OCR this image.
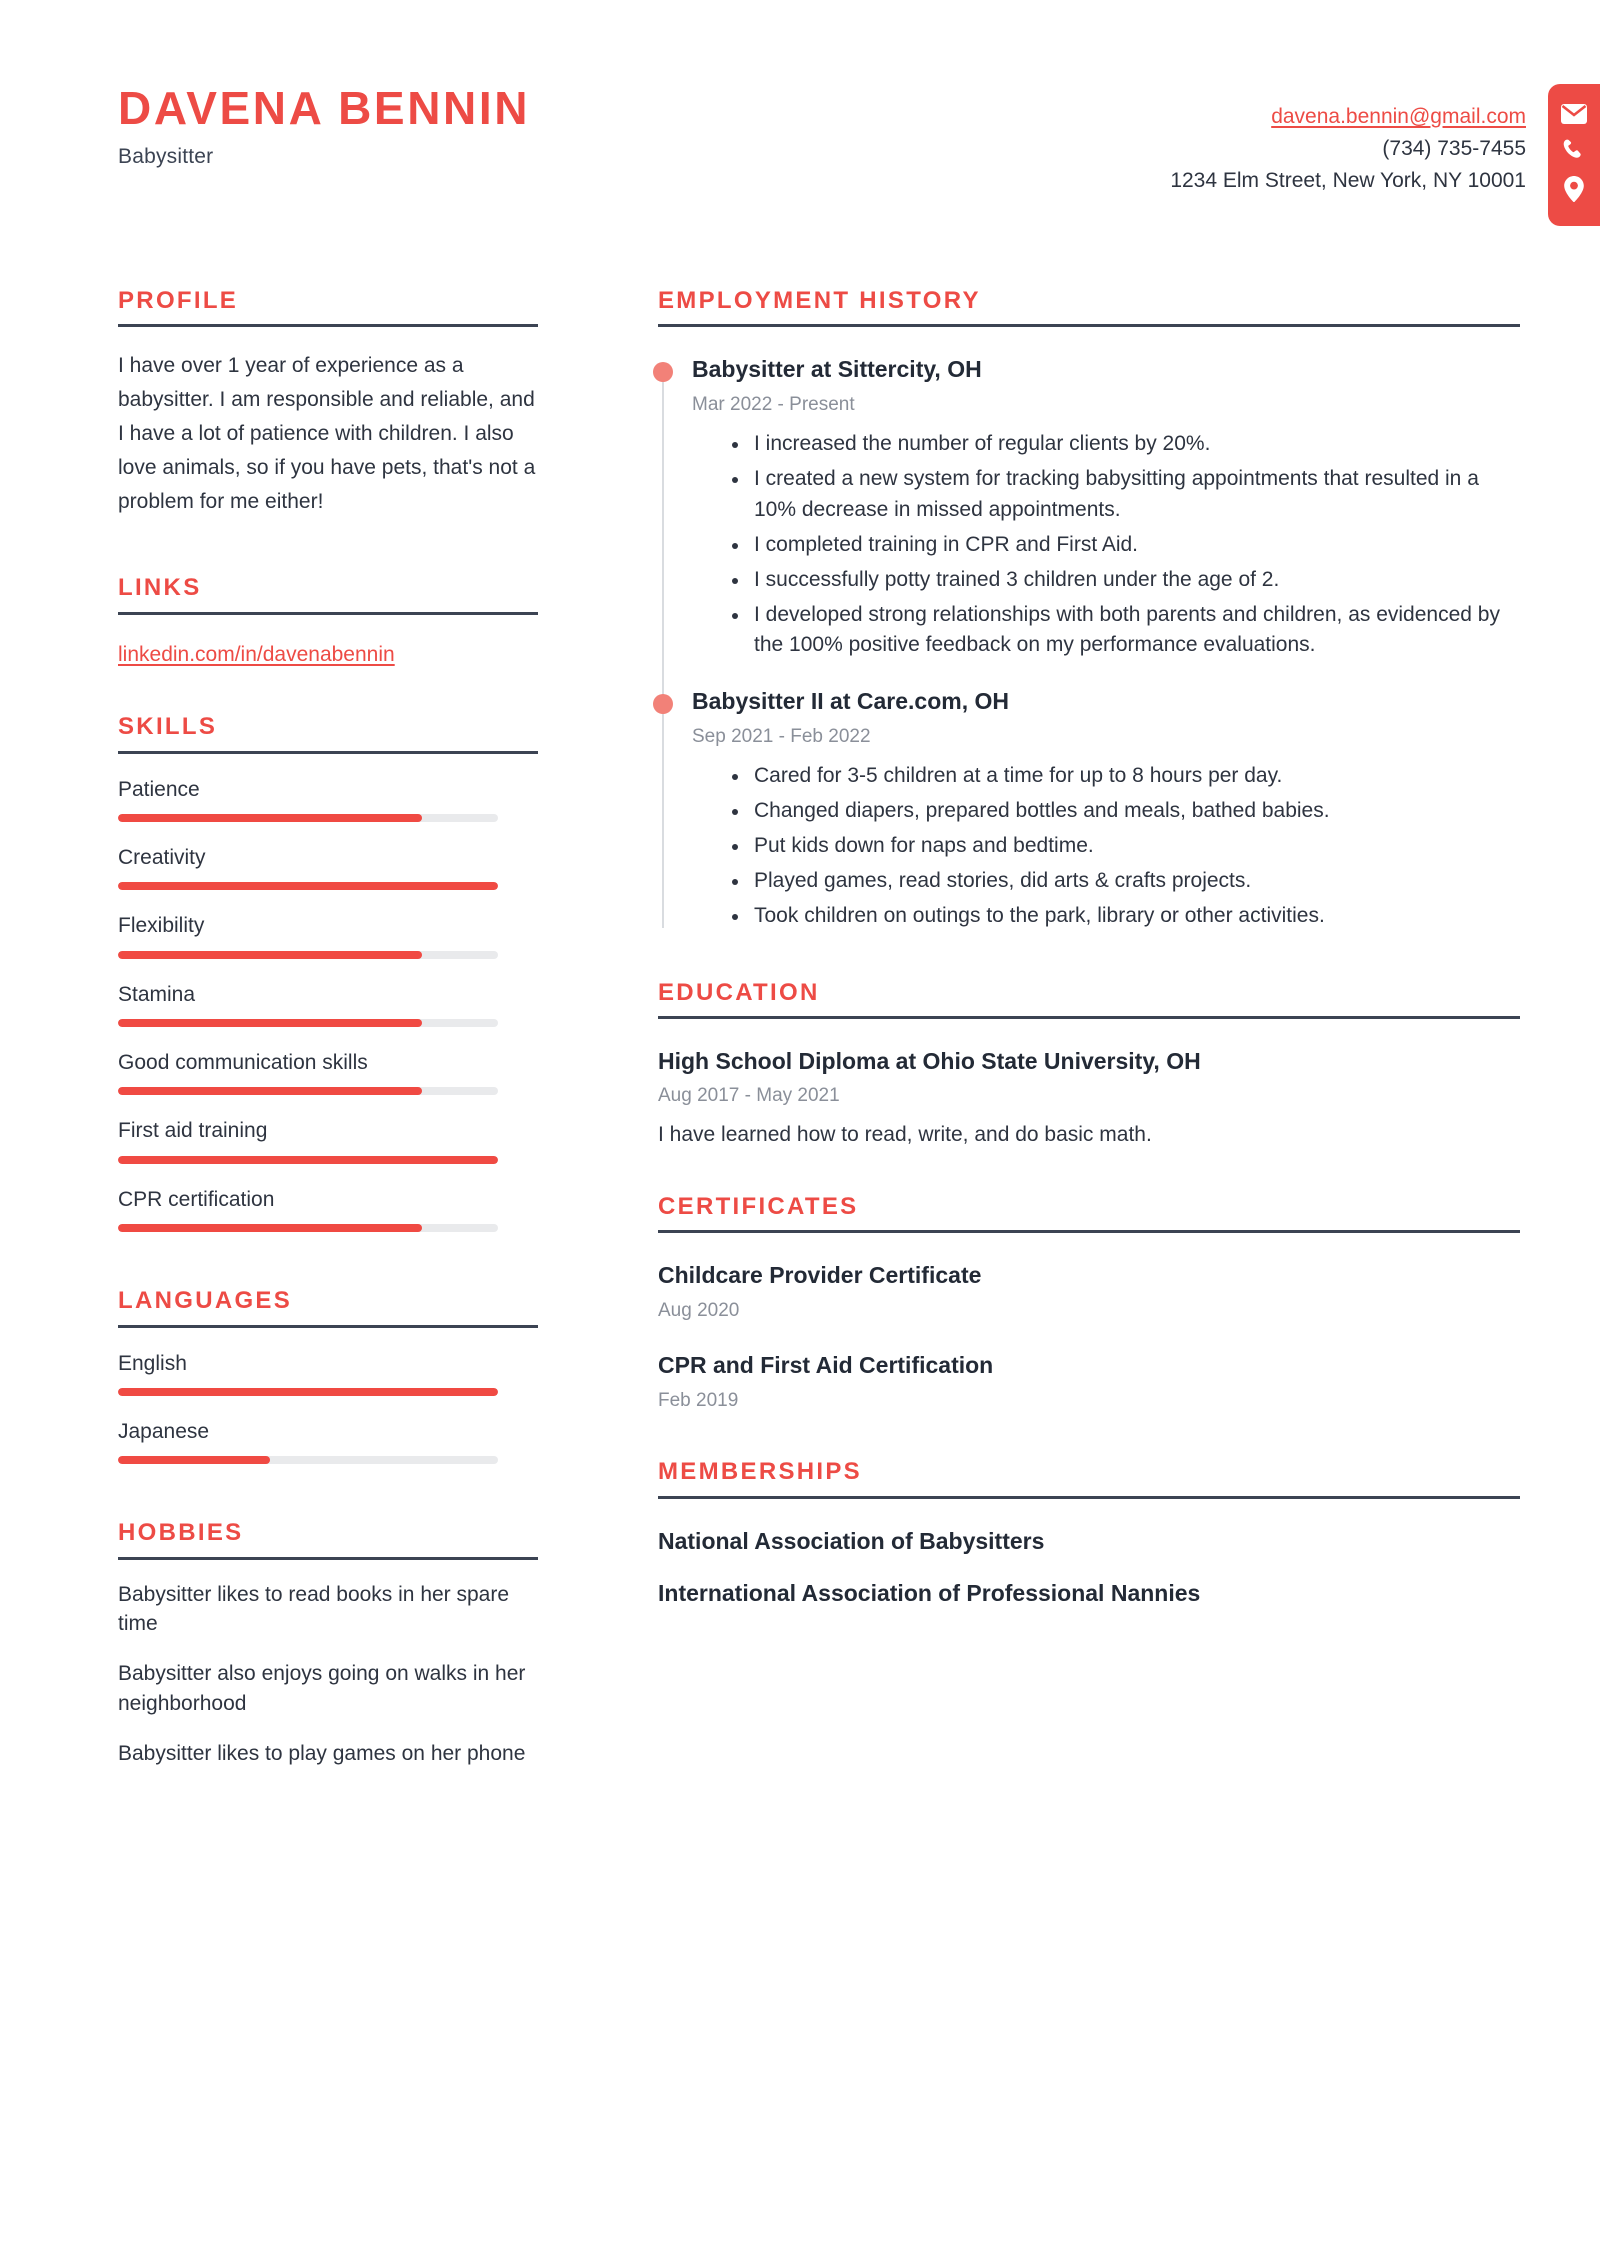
DAVENA BENNIN
Babysitter
davena.bennin@gmail.com
(734) 735-7455
1234 Elm Street, New York, NY 10001
PROFILE
I have over 1 year of experience as a babysitter. I am responsible and reliable, and I have a lot of patience with children. I also love animals, so if you have pets, that's not a problem for me either!
LINKS
linkedin.com/in/davenabennin
SKILLS
Patience
Creativity
Flexibility
Stamina
Good communication skills
First aid training
CPR certification
LANGUAGES
English
Japanese
HOBBIES
Babysitter likes to read books in her spare time
Babysitter also enjoys going on walks in her neighborhood
Babysitter likes to play games on her phone
EMPLOYMENT HISTORY
Babysitter at Sittercity, OH
Mar 2022 - Present
I increased the number of regular clients by 20%.
I created a new system for tracking babysitting appointments that resulted in a 10% decrease in missed appointments.
I completed training in CPR and First Aid.
I successfully potty trained 3 children under the age of 2.
I developed strong relationships with both parents and children, as evidenced by the 100% positive feedback on my performance evaluations.
Babysitter II at Care.com, OH
Sep 2021 - Feb 2022
Cared for 3-5 children at a time for up to 8 hours per day.
Changed diapers, prepared bottles and meals, bathed babies.
Put kids down for naps and bedtime.
Played games, read stories, did arts & crafts projects.
Took children on outings to the park, library or other activities.
EDUCATION
High School Diploma at Ohio State University, OH
Aug 2017 - May 2021
I have learned how to read, write, and do basic math.
CERTIFICATES
Childcare Provider Certificate
Aug 2020
CPR and First Aid Certification
Feb 2019
MEMBERSHIPS
National Association of Babysitters
International Association of Professional Nannies
